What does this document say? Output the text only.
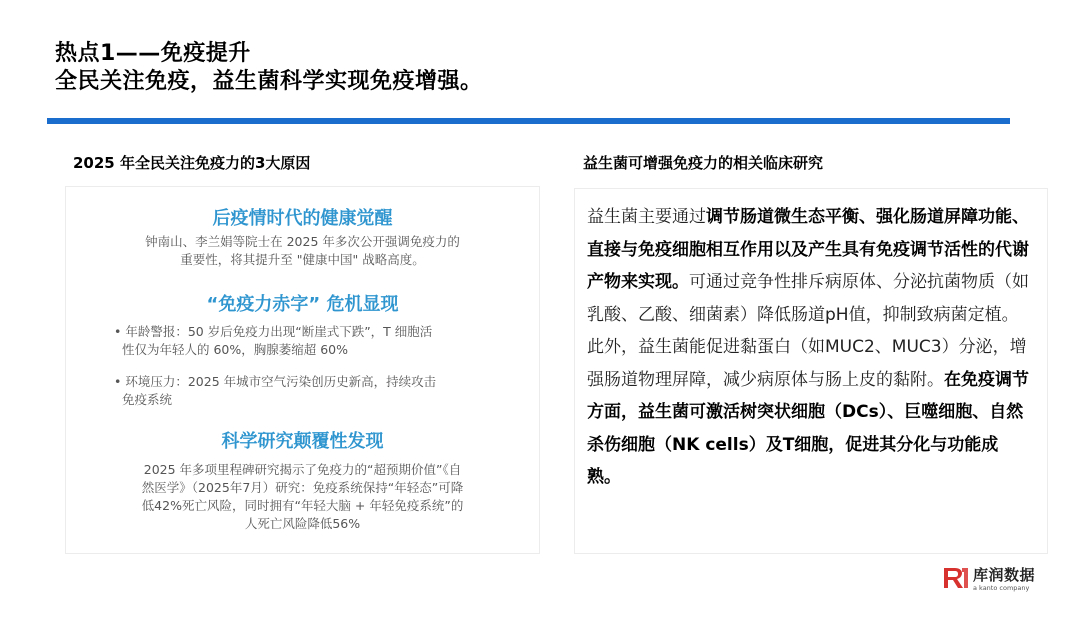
热点1——免疫提升
全民关注免疫，益生菌科学实现免疫增强。
2025 年全民关注免疫力的3大原因	益生菌可增强免疫力的相关临床研究
后疫情时代的健康觉醒
钟南山、李兰娟等院士在 2025 年多次公开强调免疫力的
重要性，将其提升至 "健康中国" 战略高度。
“免疫力赤字” 危机显现
• 年龄警报：50 岁后免疫力出现“断崖式下跌”，T 细胞活
性仅为年轻人的 60%，胸腺萎缩超 60%
• 环境压力：2025 年城市空气污染创历史新高，持续攻击
免疫系统
科学研究颠覆性发现
2025 年多项里程碑研究揭示了免疫力的“超预期价值”《自
然医学》（2025年7月）研究：免疫系统保持“年轻态”可降
低42%死亡风险，同时拥有“年轻大脑 + 年轻免疫系统”的
人死亡风险降低56%
益生菌主要通过调节肠道微生态平衡、强化肠道屏障功能、直接与免疫细胞相互作用以及产生具有免疫调节活性的代谢产物来实现。可通过竞争性排斥病原体、分泌抗菌物质（如乳酸、乙酸、细菌素）降低肠道pH值，抑制致病菌定植。此外，益生菌能促进黏蛋白（如MUC2、MUC3）分泌，增强肠道物理屏障，减少病原体与肠上皮的黏附。在免疫调节方面，益生菌可激活树突状细胞（DCs）、巨噬细胞、自然杀伤细胞（NK cells）及T细胞，促进其分化与功能成熟。
库润数据
a kanto company
